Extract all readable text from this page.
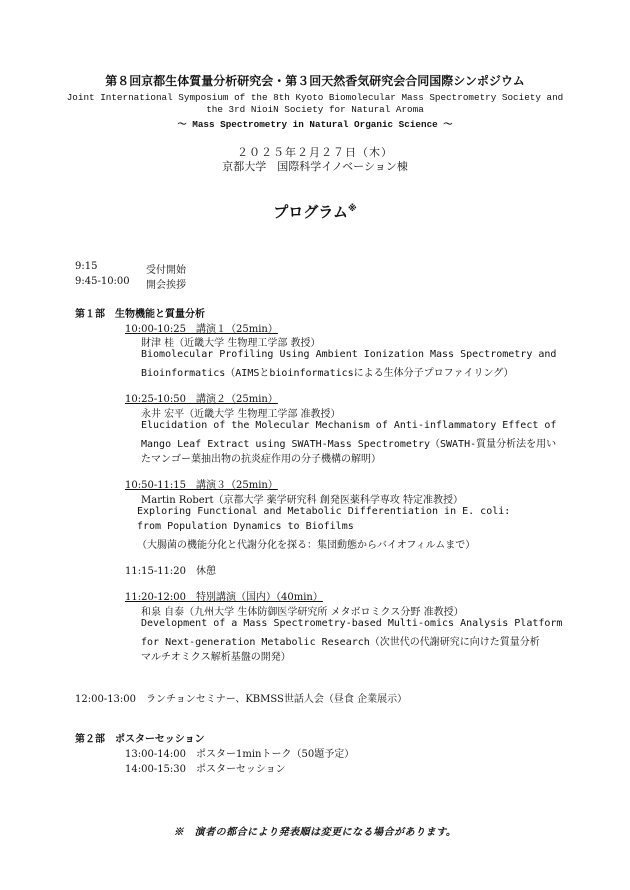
第８回京都生体質量分析研究会・第３回天然香気研究会合同国際シンポジウム
Joint International Symposium of the 8th Kyoto Biomolecular Mass Spectrometry Society and
the 3rd NioiN Society for Natural Aroma
～ Mass Spectrometry in Natural Organic Science ～
２０２５年２月２７日（木）
京都大学　国際科学イノベーション棟
プログラム※
9:15	受付開始
9:45-10:00 開会挨拶
第１部　生物機能と質量分析
10:00-10:25　講演１（25min）
財津 桂（近畿大学 生物理工学部 教授）
Biomolecular Profiling Using Ambient Ionization Mass Spectrometry and
Bioinformatics（AIMSとbioinformaticsによる生体分子プロファイリング）
10:25-10:50　講演２（25min）
永井 宏平（近畿大学 生物理工学部 准教授）
Elucidation of the Molecular Mechanism of Anti-inflammatory Effect of
Mango Leaf Extract using SWATH-Mass Spectrometry（SWATH-質量分析法を用い
たマンゴー葉抽出物の抗炎症作用の分子機構の解明）
10:50-11:15　講演３（25min）
Martin Robert（京都大学 薬学研究科 創発医薬科学専攻 特定准教授）
Exploring Functional and Metabolic Differentiation in E. coli:
from Population Dynamics to Biofilms
（大腸菌の機能分化と代謝分化を探る：集団動態からバイオフィルムまで）
11:15-11:20　休憩
11:20-12:00　特別講演（国内）（40min）
和泉 自泰（九州大学 生体防御医学研究所 メタボロミクス分野 准教授）
Development of a Mass Spectrometry-based Multi-omics Analysis Platform
for Next-generation Metabolic Research（次世代の代謝研究に向けた質量分析
マルチオミクス解析基盤の開発）
12:00-13:00　ランチョンセミナー、KBMSS世話人会（昼食 企業展示）
第２部　ポスターセッション
13:00-14:00　ポスター1minトーク（50題予定）
14:00-15:30　ポスターセッション
※　演者の都合により発表順は変更になる場合があります。
